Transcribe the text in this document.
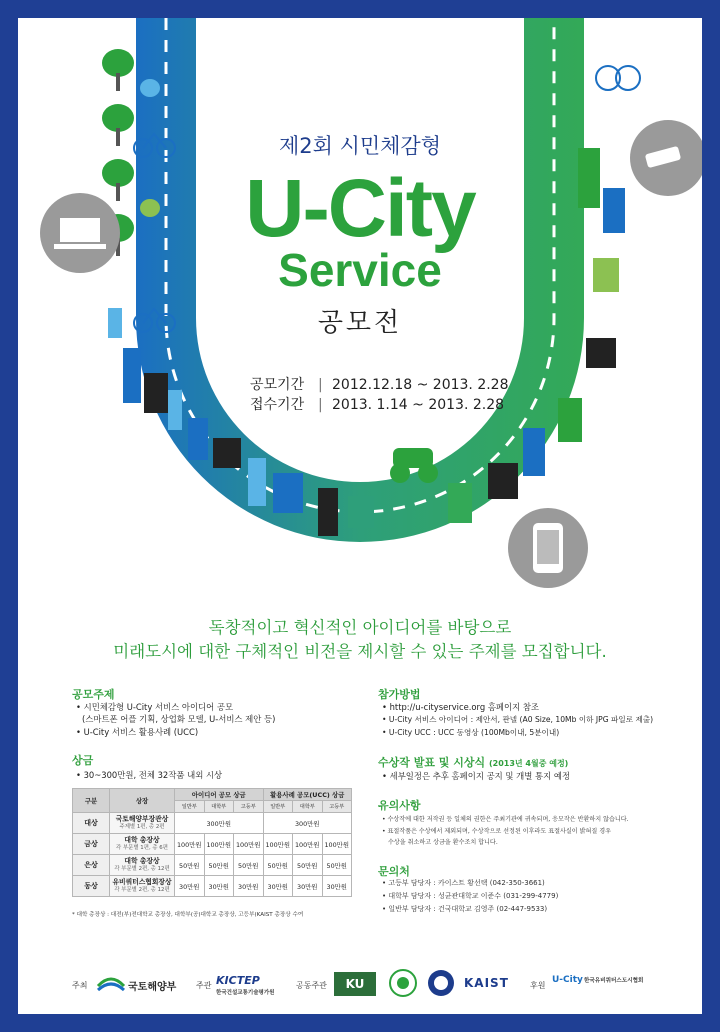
제2회 시민체감형
U-City
Service
공모전
공모기간 | 2012.12.18 ~ 2013. 2.28
접수기간 | 2013. 1.14 ~ 2013. 2.28
독창적이고 혁신적인 아이디어를 바탕으로
미래도시에 대한 구체적인 비전을 제시할 수 있는 주제를 모집합니다.
공모주제
• 시민체감형 U-City 서비스 아이디어 공모
(스마트폰 어플 기획, 상업화 모델, U-서비스 제안 등)
• U-City 서비스 활용사례 (UCC)
상금
• 30~300만원, 전체 32작품 내외 시상
구분	상장	아이디어 공모 상금			활용사례 공모(UCC) 상금		
		일반부	대학부	고등부	일반부	대학부	고등부
대상	국토해양부장관상
주제별 1편, 총 2편	300만원			300만원		
금상	대학 총장상
각 부문별 1편, 총 6편	100만원	100만원	100만원	100만원	100만원	100만원
은상	대학 총장상
각 부문별 2편, 총 12편	50만원	50만원	50만원	50만원	50만원	50만원
동상	유비쿼터스협회장상
각 부문별 2편, 총 12편	30만원	30만원	30만원	30만원	30만원	30만원
* 대학 총장상 : 대전(부)전대학교 총장상, 대학부(공)대학교 총장상, 고등부(KAIST 총장상 수여
참가방법
• http://u-cityservice.org 홈페이지 참조
• U-City 서비스 아이디어 : 제안서, 판넬 (A0 Size, 10Mb 이하 JPG 파일로 제출)
• U-City UCC : UCC 동영상 (100Mb이내, 5분이내)
수상작 발표 및 시상식 (2013년 4월중 예정)
• 세부일정은 추후 홈페이지 공지 및 개별 통지 예정
유의사항
• 수상작에 대한 저작권 등 일체의 권한은 주최기관에 귀속되며, 응모작은 반환하지 않습니다.
• 표절작품은 수상에서 제외되며, 수상작으로 선정된 이후라도 표절사실이 밝혀질 경우
수상을 취소하고 상금을 환수조치 합니다.
문의처
• 고등부 담당자 : 카이스트 황선택 (042-350-3661)
• 대학부 담당자 : 성균관대학교 이준수 (031-299-4779)
• 일반부 담당자 : 건국대학교 김영주 (02-447-9533)
주최	국토해양부 주관 KICTEP
한국건설교통기술평가원
공동주관	KU	KAIST	후원
U-City 한국유비쿼터스도시협회
